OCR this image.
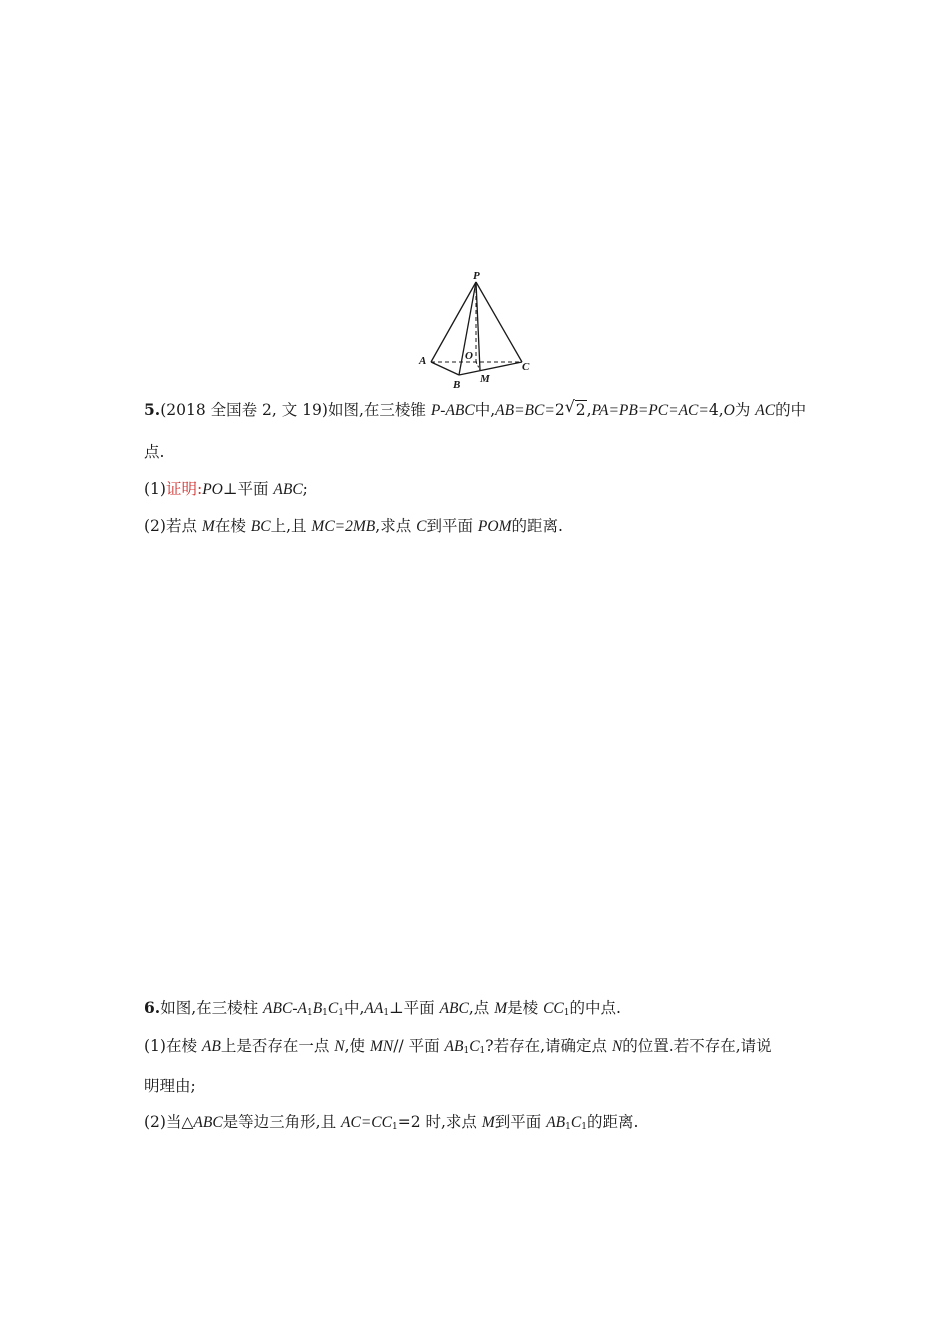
P
A
B
C
O
M
5.(2018 全国卷 2, 文 19)如图,在三棱锥 P-ABC中,AB=BC=2 √ 2,PA=PB=PC=AC=4,O为 AC的中
点.
(1)证明:PO⊥平面 ABC;
(2)若点 M在棱 BC上,且 MC=2MB,求点 C到平面 POM的距离.
6.如图,在三棱柱 ABC-$A_1B_1C_1$中$,AA_1\perp$平面 ABC,点 M是棱 $CC_1$的中点.
(1)在棱 AB上是否存在一点 N,使 MN// 平面 $AB_1C_1$?若存在,请确定点 N的位置.若不存在,请说
明理由;
(2)当△ABC是等边三角形,且 $AC=CC_1=2$ 时,求点 M到平面 $AB_1C_1$的距离.
